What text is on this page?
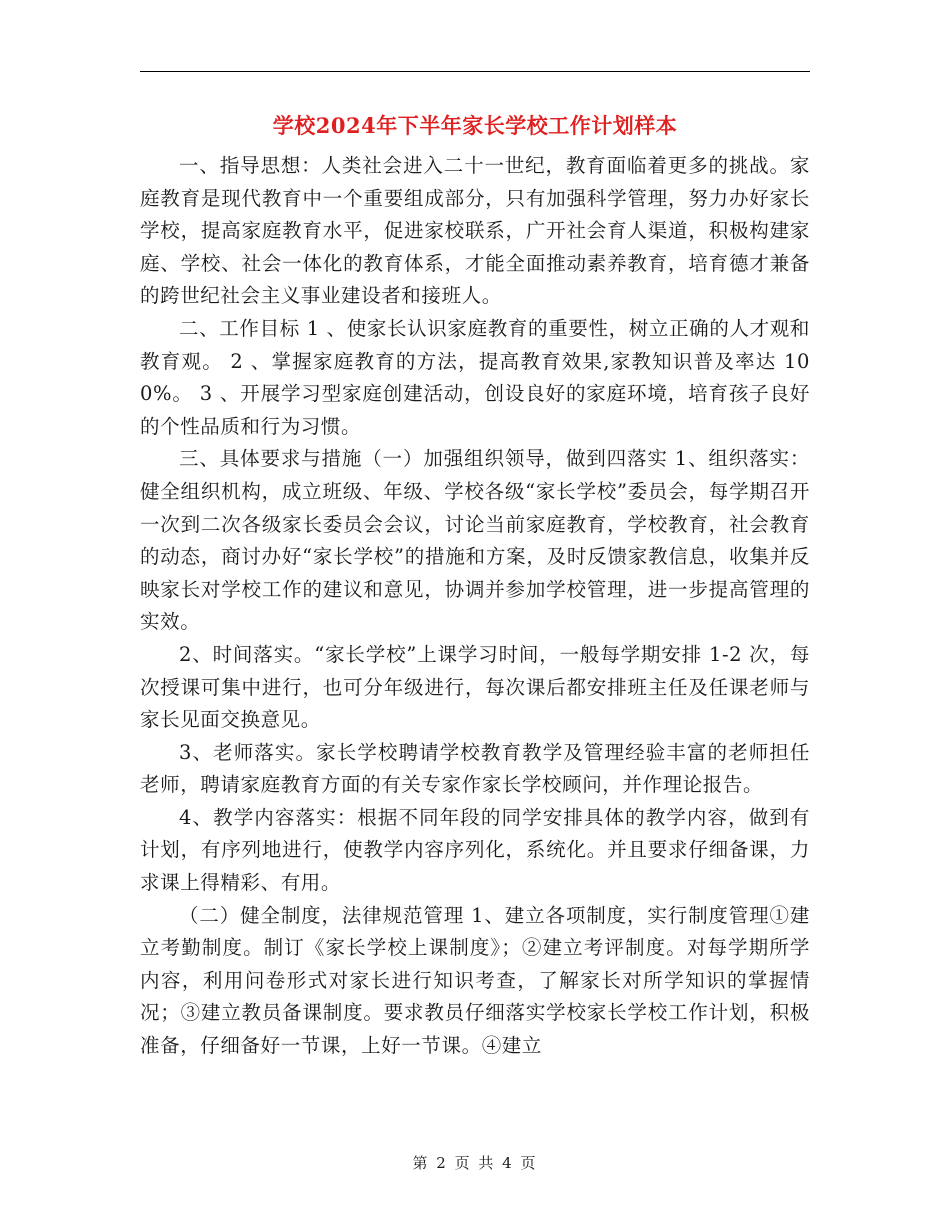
学校2024年下半年家长学校工作计划样本

一、指导思想：人类社会进入二十一世纪，教育面临着更多的挑战。家庭教育是现代教育中一个重要组成部分，只有加强科学管理，努力办好家长学校，提高家庭教育水平，促进家校联系，广开社会育人渠道，积极构建家庭、学校、社会一体化的教育体系，才能全面推动素养教育，培育德才兼备的跨世纪社会主义事业建设者和接班人。

二、工作目标 1 、使家长认识家庭教育的重要性，树立正确的人才观和教育观。 2 、掌握家庭教育的方法，提高教育效果,家教知识普及率达 100%。 3 、开展学习型家庭创建活动，创设良好的家庭环境，培育孩子良好的个性品质和行为习惯。

三、具体要求与措施（一）加强组织领导，做到四落实 1、组织落实：健全组织机构，成立班级、年级、学校各级“家长学校”委员会，每学期召开一次到二次各级家长委员会会议，讨论当前家庭教育，学校教育，社会教育的动态，商讨办好“家长学校”的措施和方案，及时反馈家教信息，收集并反映家长对学校工作的建议和意见，协调并参加学校管理，进一步提高管理的实效。

2、时间落实。“家长学校”上课学习时间，一般每学期安排 1-2 次，每次授课可集中进行，也可分年级进行，每次课后都安排班主任及任课老师与家长见面交换意见。

3、老师落实。家长学校聘请学校教育教学及管理经验丰富的老师担任老师，聘请家庭教育方面的有关专家作家长学校顾问，并作理论报告。

4、教学内容落实：根据不同年段的同学安排具体的教学内容，做到有计划，有序列地进行，使教学内容序列化，系统化。并且要求仔细备课，力求课上得精彩、有用。

（二）健全制度，法律规范管理 1、建立各项制度，实行制度管理①建立考勤制度。制订《家长学校上课制度》；②建立考评制度。对每学期所学内容，利用问卷形式对家长进行知识考查，了解家长对所学知识的掌握情况；③建立教员备课制度。要求教员仔细落实学校家长学校工作计划，积极准备，仔细备好一节课，上好一节课。④建立

第 2 页 共 4 页
